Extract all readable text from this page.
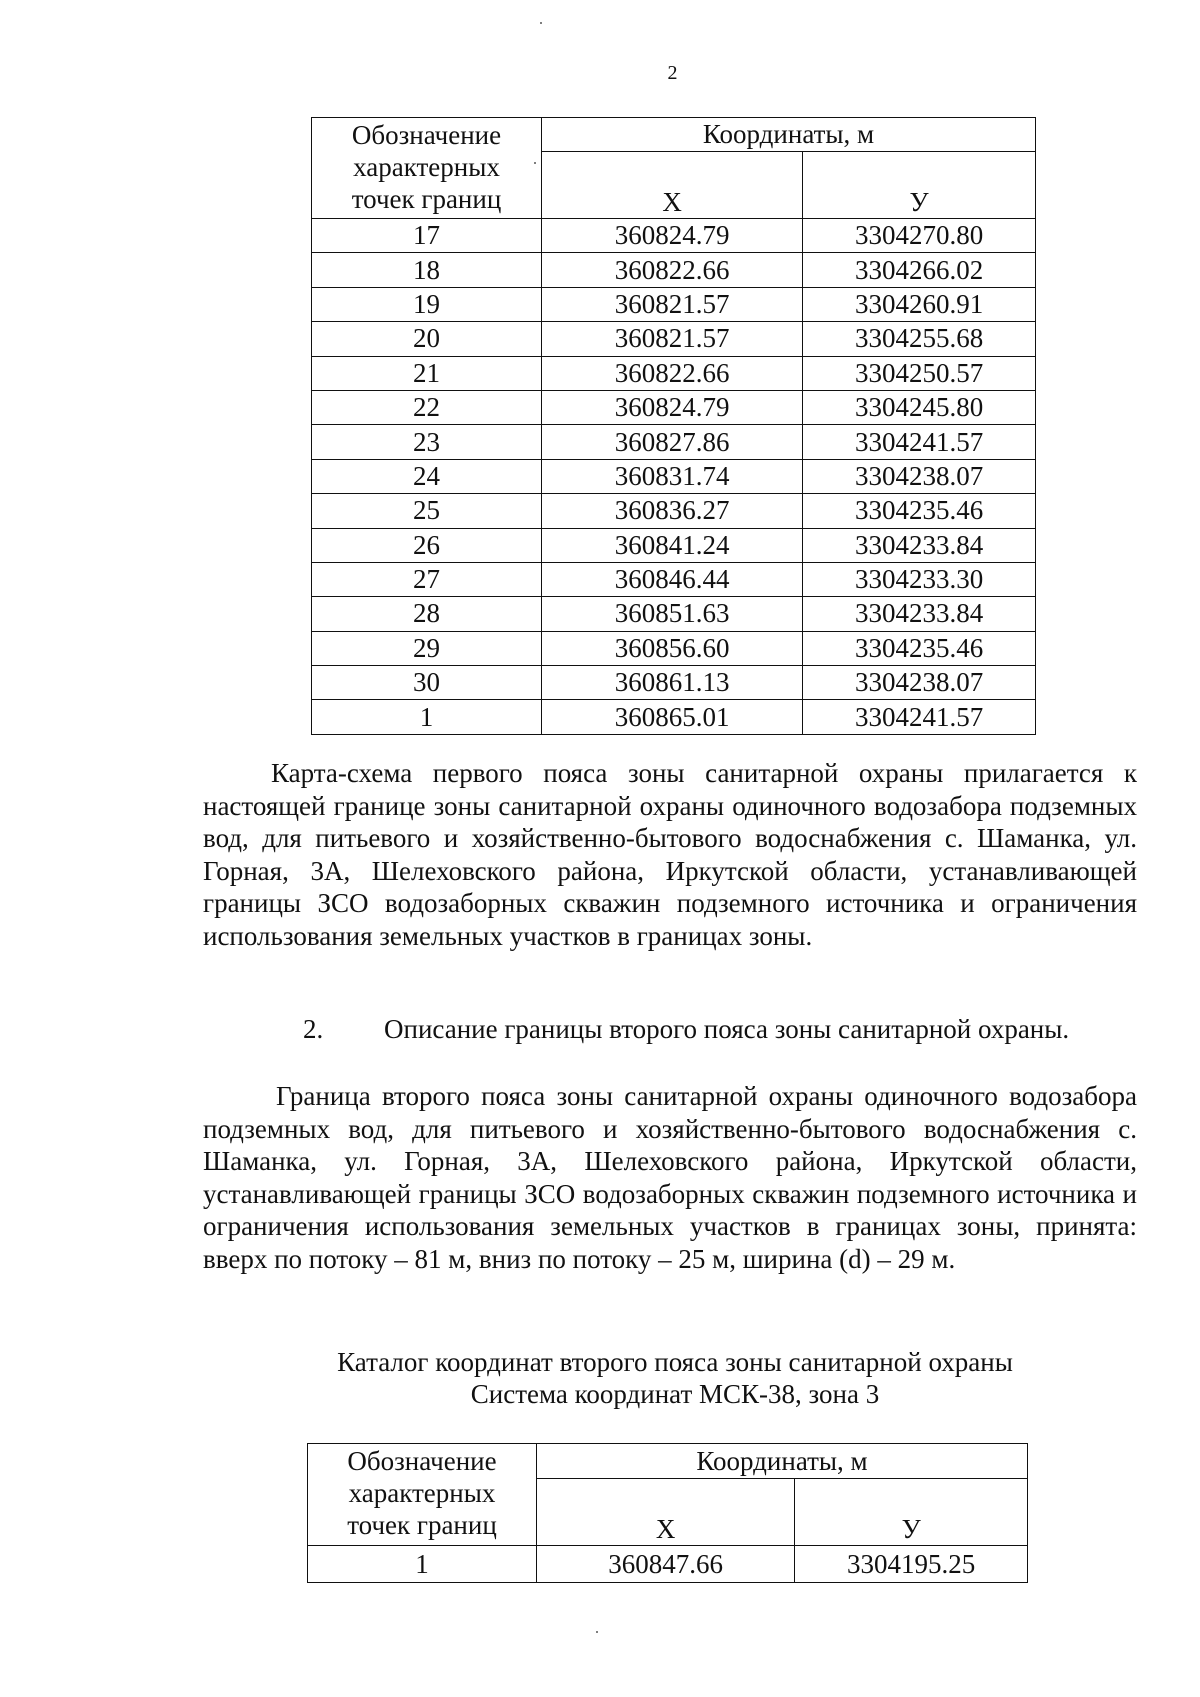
2
Обозначение
характерных
точек границ	Координаты, м	
	Х	У
17	360824.79	3304270.80
18	360822.66	3304266.02
19	360821.57	3304260.91
20	360821.57	3304255.68
21	360822.66	3304250.57
22	360824.79	3304245.80
23	360827.86	3304241.57
24	360831.74	3304238.07
25	360836.27	3304235.46
26	360841.24	3304233.84
27	360846.44	3304233.30
28	360851.63	3304233.84
29	360856.60	3304235.46
30	360861.13	3304238.07
1	360865.01	3304241.57

Карта-схема первого пояса зоны санитарной охраны прилагается к настоящей границе зоны санитарной охраны одиночного водозабора подземных вод, для питьевого и хозяйственно-бытового водоснабжения с. Шаманка, ул. Горная, 3А, Шелеховского района, Иркутской области, устанавливающей границы ЗСО водозаборных скважин подземного источника и ограничения использования земельных участков в границах зоны.

2. Описание границы второго пояса зоны санитарной охраны.

Граница второго пояса зоны санитарной охраны одиночного водозабора подземных вод, для питьевого и хозяйственно-бытового водоснабжения с. Шаманка, ул. Горная, 3А, Шелеховского района, Иркутской области, устанавливающей границы ЗСО водозаборных скважин подземного источника и ограничения использования земельных участков в границах зоны, принята: вверх по потоку – 81 м, вниз по потоку – 25 м, ширина (d) – 29 м.

Каталог координат второго пояса зоны санитарной охраны
Система координат МСК-38, зона 3
Обозначение
характерных
точек границ	Координаты, м	
	Х	У
1	360847.66	3304195.25
